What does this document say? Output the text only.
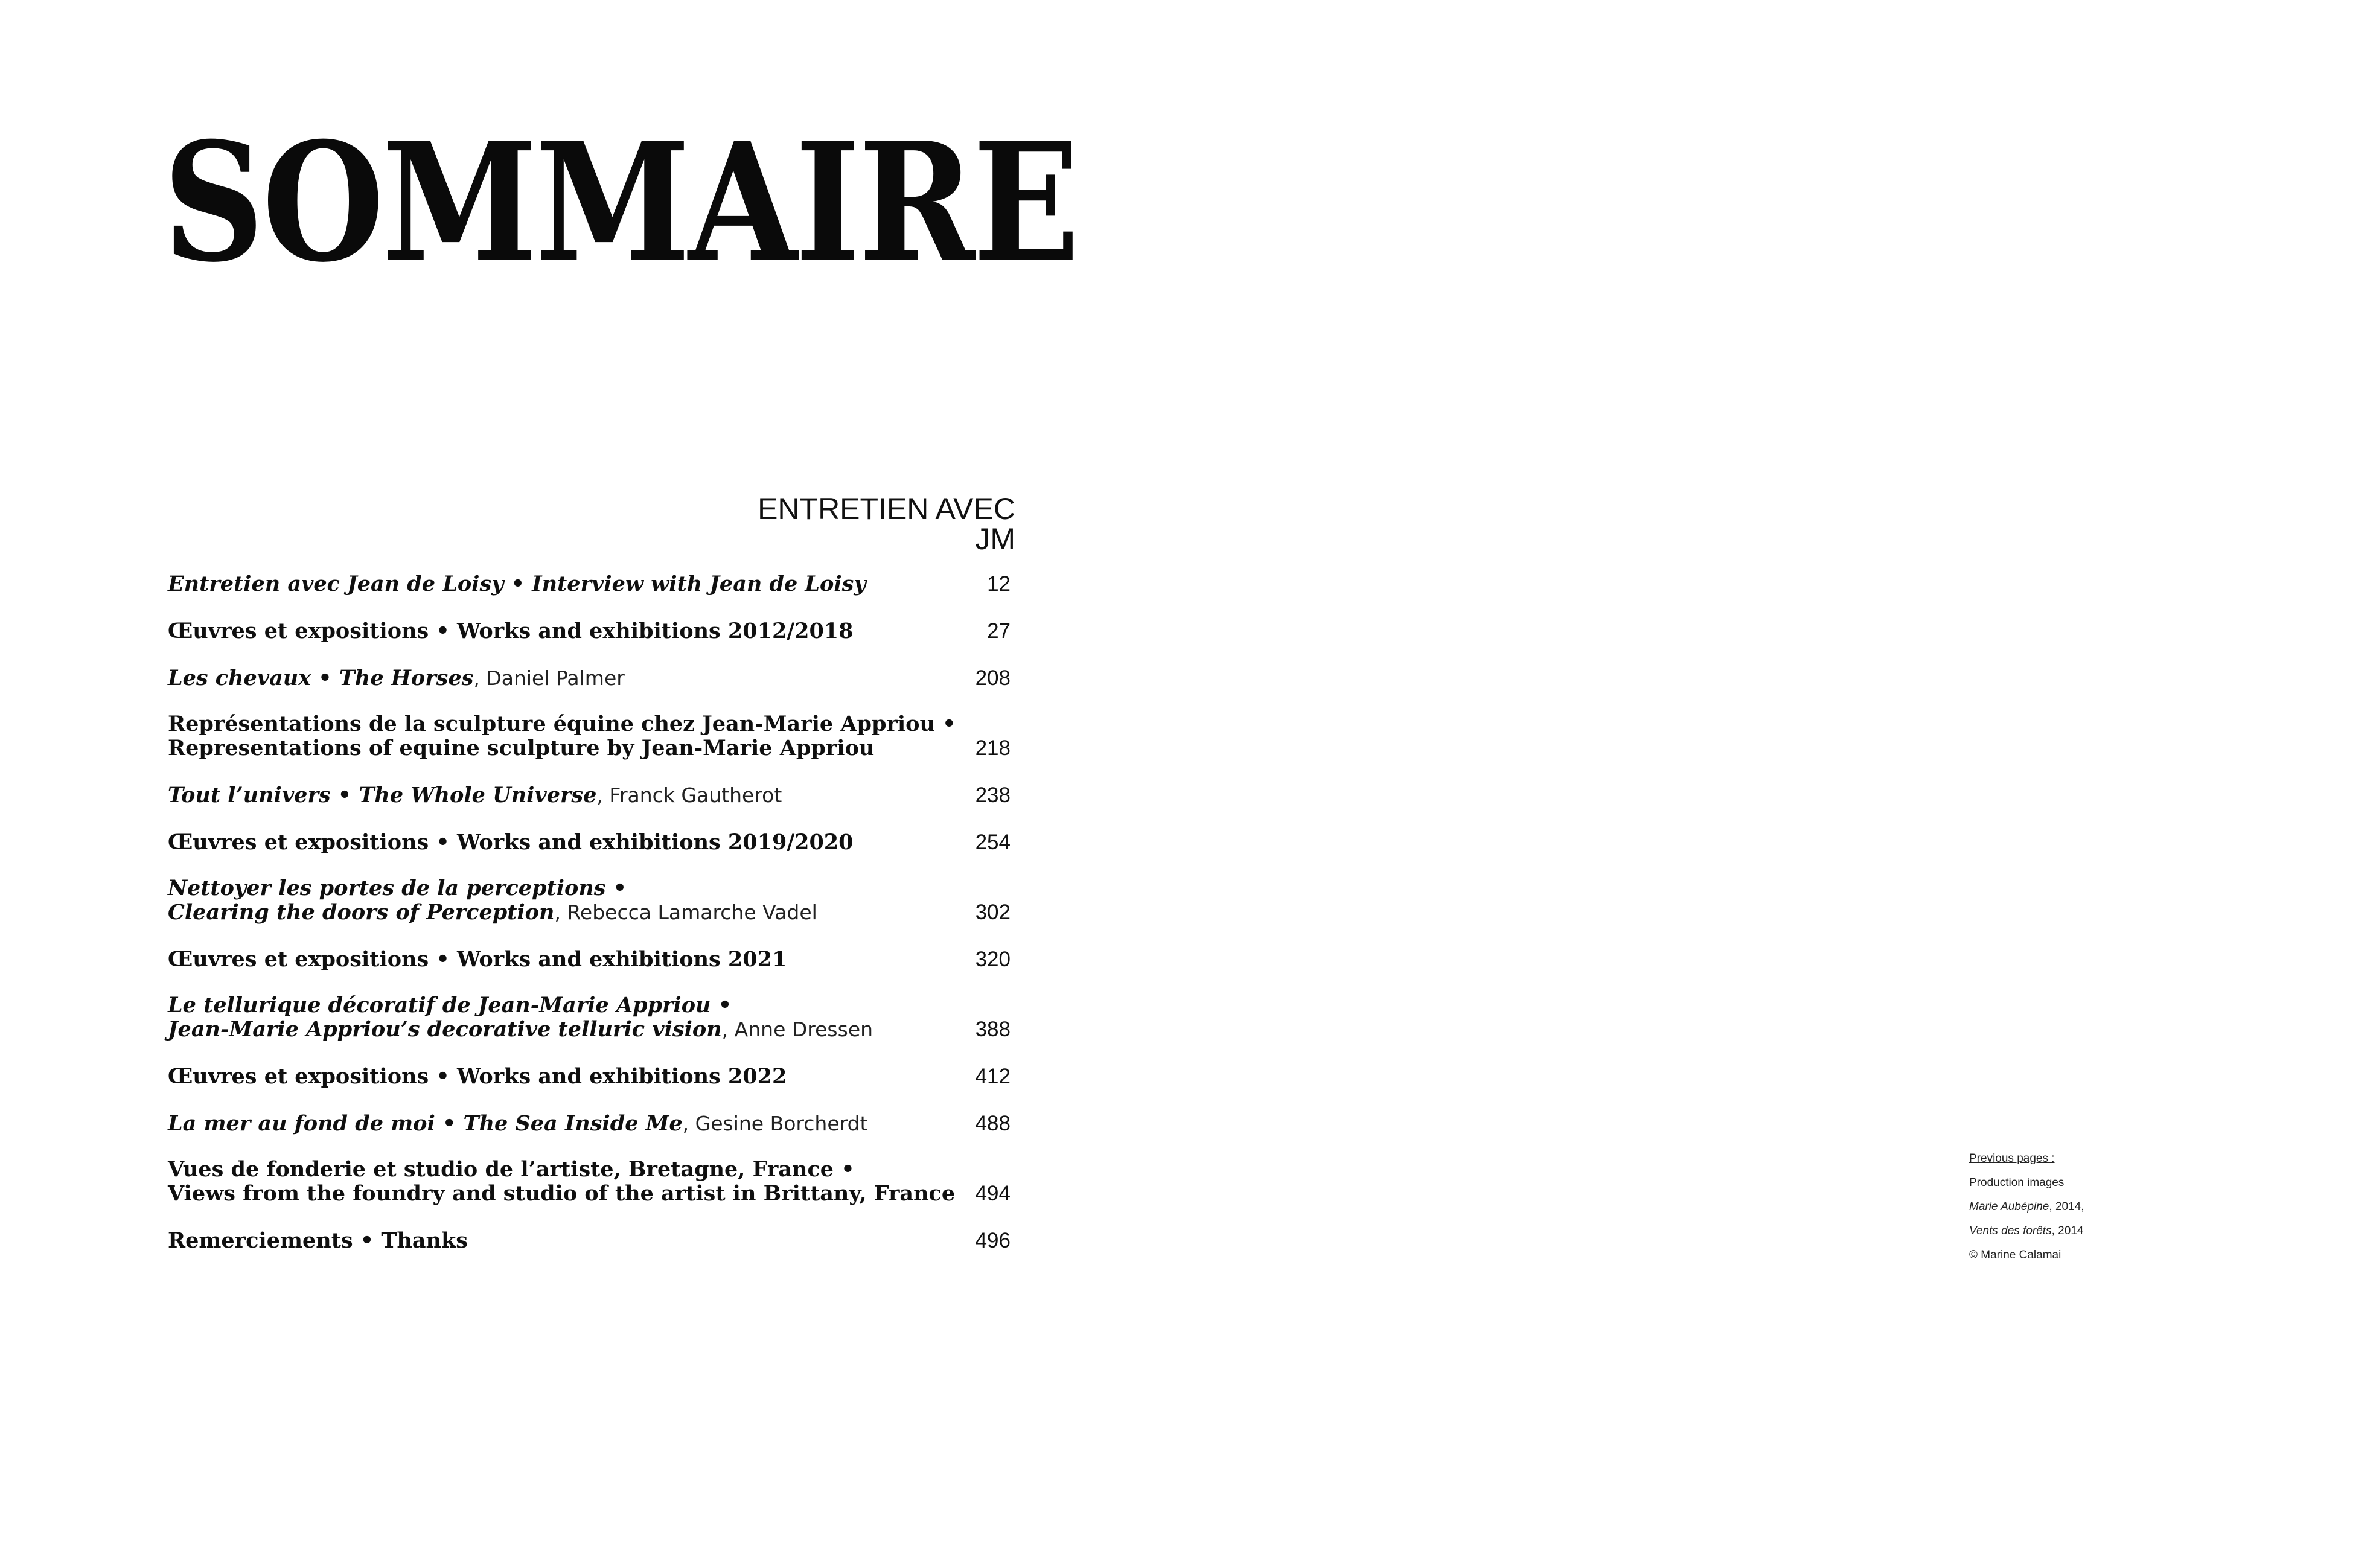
SOMMAIRE
ENTRETIEN AVEC JM
Entretien avec Jean de Loisy • Interview with Jean de Loisy	12
Œuvres et expositions • Works and exhibitions 2012/2018	27
Les chevaux • The Horses, Daniel Palmer	208
Représentations de la sculpture équine chez Jean-Marie Appriou •
Representations of equine sculpture by Jean-Marie Appriou	218
Tout l’univers • The Whole Universe, Franck Gautherot	238
Œuvres et expositions • Works and exhibitions 2019/2020	254
Nettoyer les portes de la perceptions •
Clearing the doors of Perception, Rebecca Lamarche Vadel	302
Œuvres et expositions • Works and exhibitions 2021	320
Le tellurique décoratif de Jean-Marie Appriou •
Jean-Marie Appriou’s decorative telluric vision, Anne Dressen	388
Œuvres et expositions • Works and exhibitions 2022	412
La mer au fond de moi • The Sea Inside Me, Gesine Borcherdt	488
Vues de fonderie et studio de l’artiste, Bretagne, France •
Views from the foundry and studio of the artist in Brittany, France 494
Remerciements • Thanks	496
Previous pages :
Production images
Marie Aubépine, 2014,
Vents des forêts, 2014
© Marine Calamai
